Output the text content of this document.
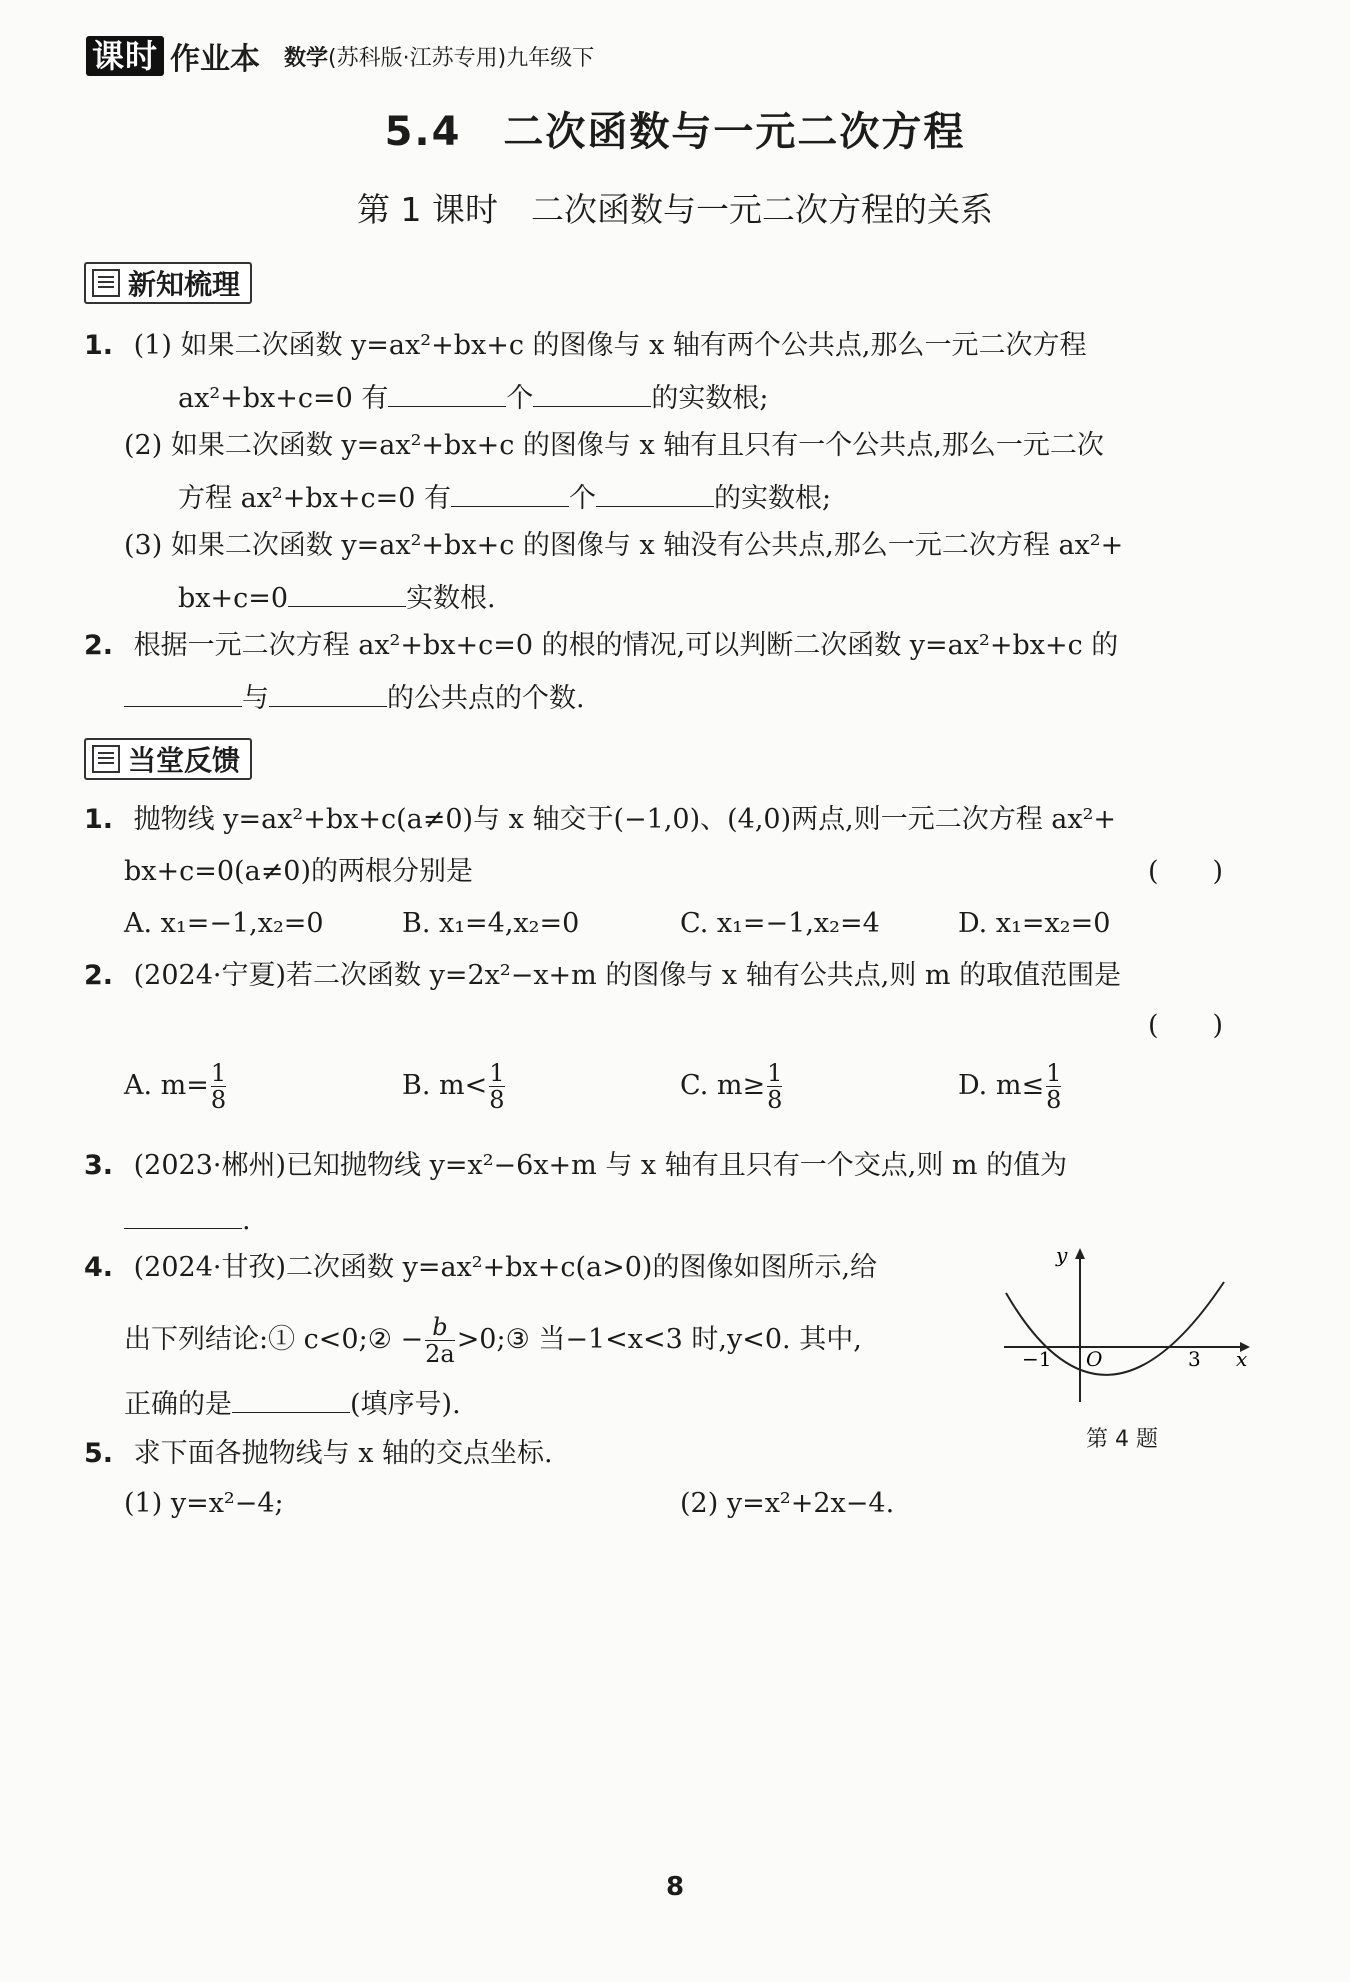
课时 作业本 数学(苏科版·江苏专用)九年级下
5.4　二次函数与一元二次方程
第 1 课时　二次函数与一元二次方程的关系
新知梳理
1. (1) 如果二次函数 y=ax²+bx+c 的图像与 x 轴有两个公共点,那么一元二次方程
ax²+bx+c=0 有	个	的实数根;
(2) 如果二次函数 y=ax²+bx+c 的图像与 x 轴有且只有一个公共点,那么一元二次
方程 ax²+bx+c=0 有	个	的实数根;
(3) 如果二次函数 y=ax²+bx+c 的图像与 x 轴没有公共点,那么一元二次方程 ax²+
bx+c=0	实数根.
2. 根据一元二次方程 ax²+bx+c=0 的根的情况,可以判断二次函数 y=ax²+bx+c 的
与	的公共点的个数.
当堂反馈
1. 抛物线 y=ax²+bx+c(a≠0)与 x 轴交于(−1,0)、(4,0)两点,则一元二次方程 ax²+
bx+c=0(a≠0)的两根分别是	(　　)
A. x₁=−1,x₂=0	B. x₁=4,x₂=0	C. x₁=−1,x₂=4	D. x₁=x₂=0
2. (2024·宁夏)若二次函数 y=2x²−x+m 的图像与 x 轴有公共点,则 m 的取值范围是
(　　)
A. $m= \frac{1}{8}$	B. $m< \frac{1}{8}$	C. $m\ge \frac{1}{8}$	D. $m\le \frac{1}{8}$
3. (2023·郴州)已知抛物线 y=x²−6x+m 与 x 轴有且只有一个交点,则 m 的值为
.
4. (2024·甘孜)二次函数 y=ax²+bx+c(a>0)的图像如图所示,给
出下列结论:① c<0;② − $\frac{b}{2a}$ >0;③ 当−1<x<3 时,y<0. 其中,
正确的是	(填序号).
x
y
−1 O	3
第 4 题
5. 求下面各抛物线与 x 轴的交点坐标.
(1) y=x²−4;	(2) y=x²+2x−4.
8
